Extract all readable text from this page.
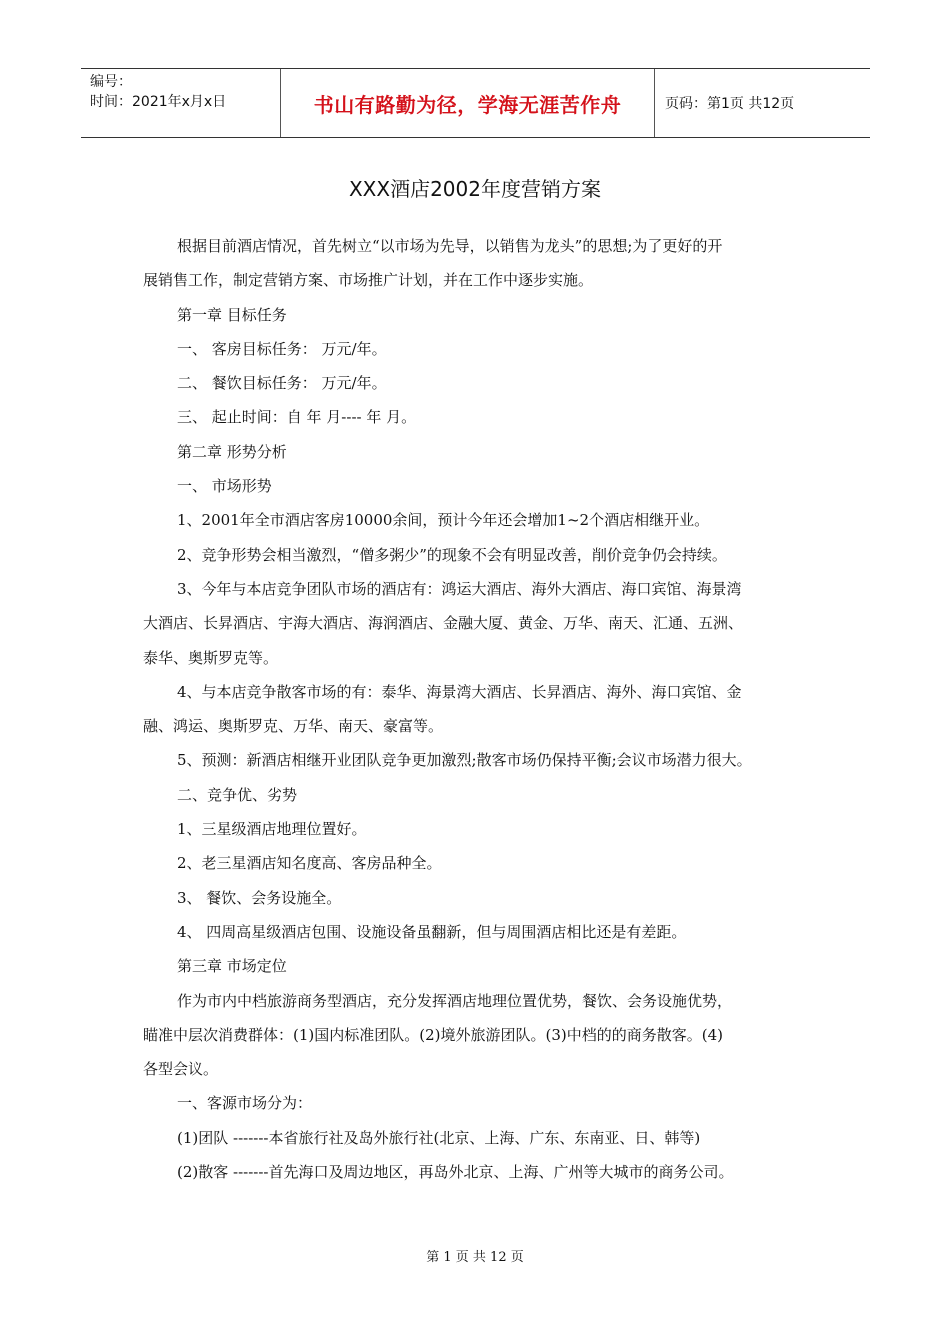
编号：
时间：2021年x月x日	书山有路勤为径，学海无涯苦作舟	页码：第1页 共12页
XXX酒店2002年度营销方案

根据目前酒店情况，首先树立“以市场为先导，以销售为龙头”的思想;为了更好的开

展销售工作，制定营销方案、市场推广计划，并在工作中逐步实施。

第一章 目标任务

一、 客房目标任务： 万元/年。

二、 餐饮目标任务： 万元/年。

三、 起止时间：自 年 月---- 年 月。

第二章 形势分析

一、 市场形势

1、2001年全市酒店客房10000余间，预计今年还会增加1~2个酒店相继开业。

2、竞争形势会相当激烈，“僧多粥少”的现象不会有明显改善，削价竞争仍会持续。

3、今年与本店竞争团队市场的酒店有：鸿运大酒店、海外大酒店、海口宾馆、海景湾

大酒店、长昇酒店、宇海大酒店、海润酒店、金融大厦、黄金、万华、南天、汇通、五洲、

泰华、奥斯罗克等。

4、与本店竞争散客市场的有：泰华、海景湾大酒店、长昇酒店、海外、海口宾馆、金

融、鸿运、奥斯罗克、万华、南天、豪富等。

5、预测：新酒店相继开业团队竞争更加激烈;散客市场仍保持平衡;会议市场潜力很大。

二、竞争优、劣势

1、三星级酒店地理位置好。

2、老三星酒店知名度高、客房品种全。

3、 餐饮、会务设施全。

4、 四周高星级酒店包围、设施设备虽翻新，但与周围酒店相比还是有差距。

第三章 市场定位

作为市内中档旅游商务型酒店，充分发挥酒店地理位置优势，餐饮、会务设施优势，

瞄准中层次消费群体：(1)国内标准团队。(2)境外旅游团队。(3)中档的的商务散客。(4)

各型会议。

一、客源市场分为：

(1)团队 -------本省旅行社及岛外旅行社(北京、上海、广东、东南亚、日、韩等)

(2)散客 -------首先海口及周边地区，再岛外北京、上海、广州等大城市的商务公司。

第 1 页 共 12 页
